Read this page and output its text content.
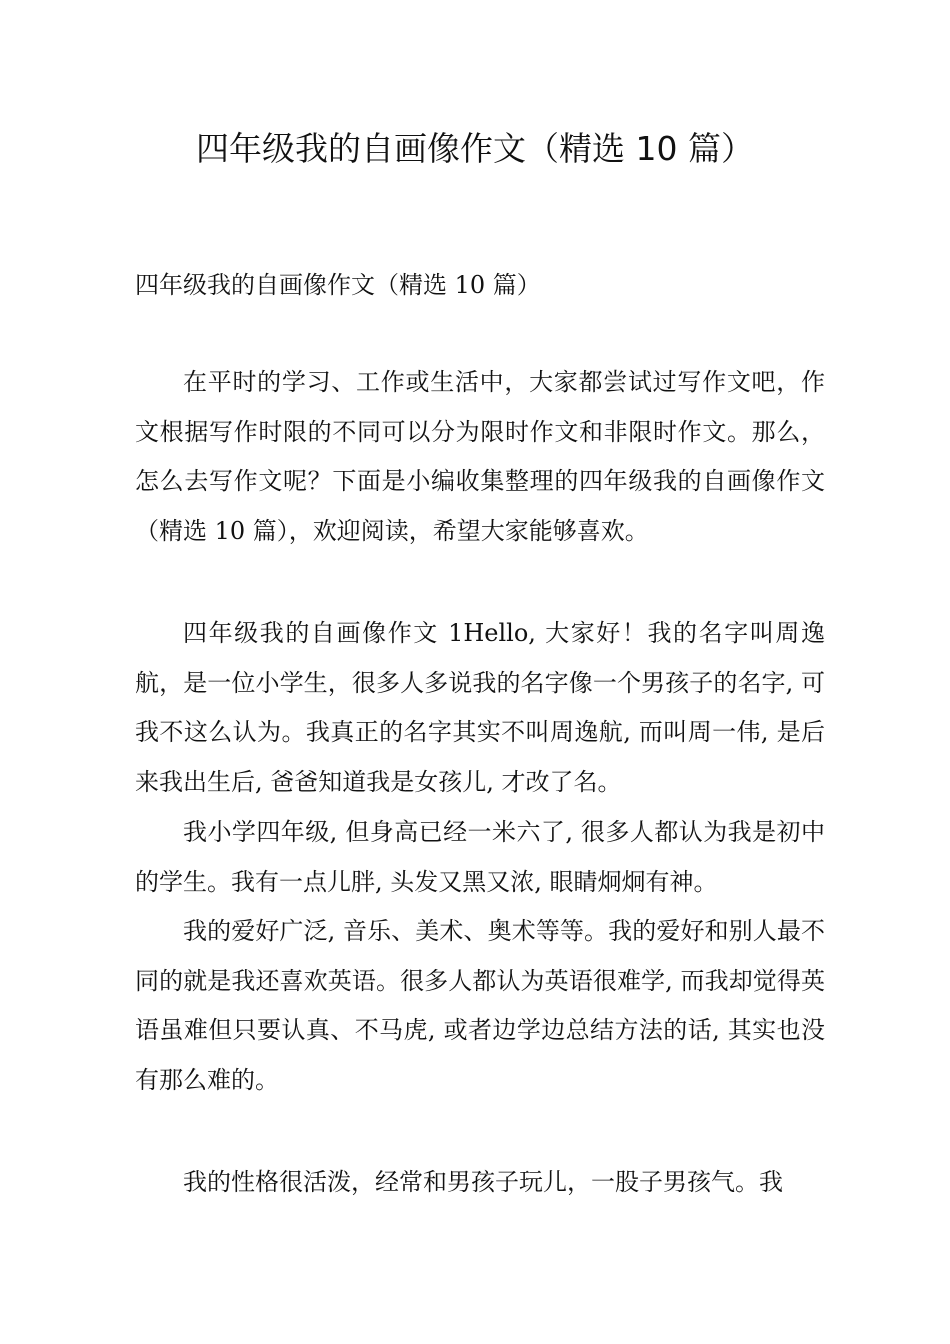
四年级我的自画像作文（精选 10 篇）

四年级我的自画像作文（精选 10 篇）

在平时的学习、工作或生活中，大家都尝试过写作文吧，作文根据写作时限的不同可以分为限时作文和非限时作文。那么，怎么去写作文呢？下面是小编收集整理的四年级我的自画像作文（精选 10 篇），欢迎阅读，希望大家能够喜欢。

四年级我的自画像作文 1Hello, 大家好！我的名字叫周逸航，是一位小学生，很多人多说我的名字像一个男孩子的名字, 可我不这么认为。我真正的名字其实不叫周逸航, 而叫周一伟, 是后来我出生后, 爸爸知道我是女孩儿, 才改了名。

我小学四年级, 但身高已经一米六了, 很多人都认为我是初中的学生。我有一点儿胖, 头发又黑又浓, 眼睛炯炯有神。

我的爱好广泛, 音乐、美术、奥术等等。我的爱好和别人最不同的就是我还喜欢英语。很多人都认为英语很难学, 而我却觉得英语虽难但只要认真、不马虎, 或者边学边总结方法的话, 其实也没有那么难的。

我的性格很活泼，经常和男孩子玩儿，一股子男孩气。我
